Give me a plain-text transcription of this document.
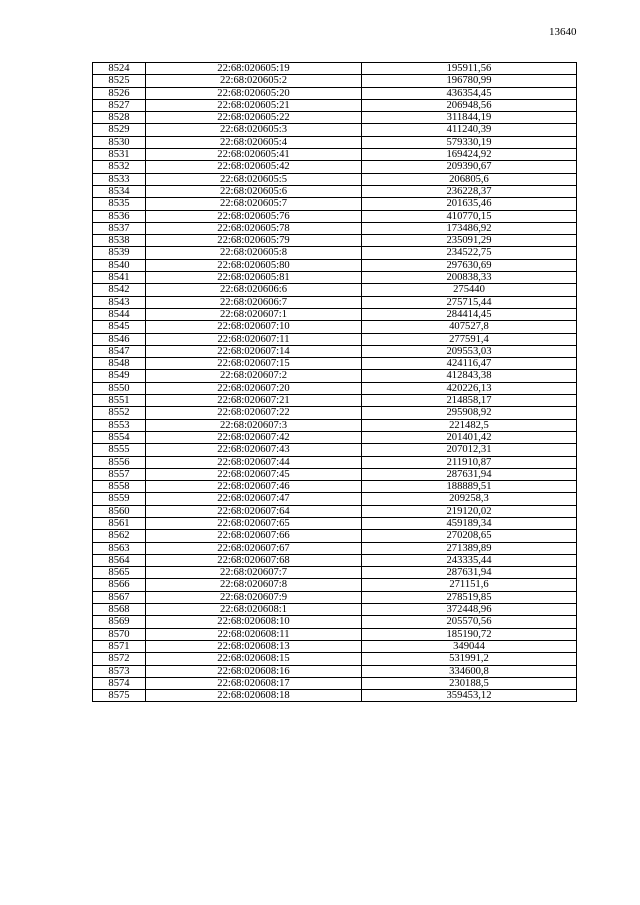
13640
8524	22:68:020605:19	195911,56
8525	22:68:020605:2	196780,99
8526	22:68:020605:20	436354,45
8527	22:68:020605:21	206948,56
8528	22:68:020605:22	311844,19
8529	22:68:020605:3	411240,39
8530	22:68:020605:4	579330,19
8531	22:68:020605:41	169424,92
8532	22:68:020605:42	209390,67
8533	22:68:020605:5	206805,6
8534	22:68:020605:6	236228,37
8535	22:68:020605:7	201635,46
8536	22:68:020605:76	410770,15
8537	22:68:020605:78	173486,92
8538	22:68:020605:79	235091,29
8539	22:68:020605:8	234522,75
8540	22:68:020605:80	297630,69
8541	22:68:020605:81	200838,33
8542	22:68:020606:6	275440
8543	22:68:020606:7	275715,44
8544	22:68:020607:1	284414,45
8545	22:68:020607:10	407527,8
8546	22:68:020607:11	277591,4
8547	22:68:020607:14	209553,03
8548	22:68:020607:15	424116,47
8549	22:68:020607:2	412843,38
8550	22:68:020607:20	420226,13
8551	22:68:020607:21	214858,17
8552	22:68:020607:22	295908,92
8553	22:68:020607:3	221482,5
8554	22:68:020607:42	201401,42
8555	22:68:020607:43	207012,31
8556	22:68:020607:44	211910,87
8557	22:68:020607:45	287631,94
8558	22:68:020607:46	188889,51
8559	22:68:020607:47	209258,3
8560	22:68:020607:64	219120,02
8561	22:68:020607:65	459189,34
8562	22:68:020607:66	270208,65
8563	22:68:020607:67	271389,89
8564	22:68:020607:68	243335,44
8565	22:68:020607:7	287631,94
8566	22:68:020607:8	271151,6
8567	22:68:020607:9	278519,85
8568	22:68:020608:1	372448,96
8569	22:68:020608:10	205570,56
8570	22:68:020608:11	185190,72
8571	22:68:020608:13	349044
8572	22:68:020608:15	531991,2
8573	22:68:020608:16	334600,8
8574	22:68:020608:17	230188,5
8575	22:68:020608:18	359453,12
